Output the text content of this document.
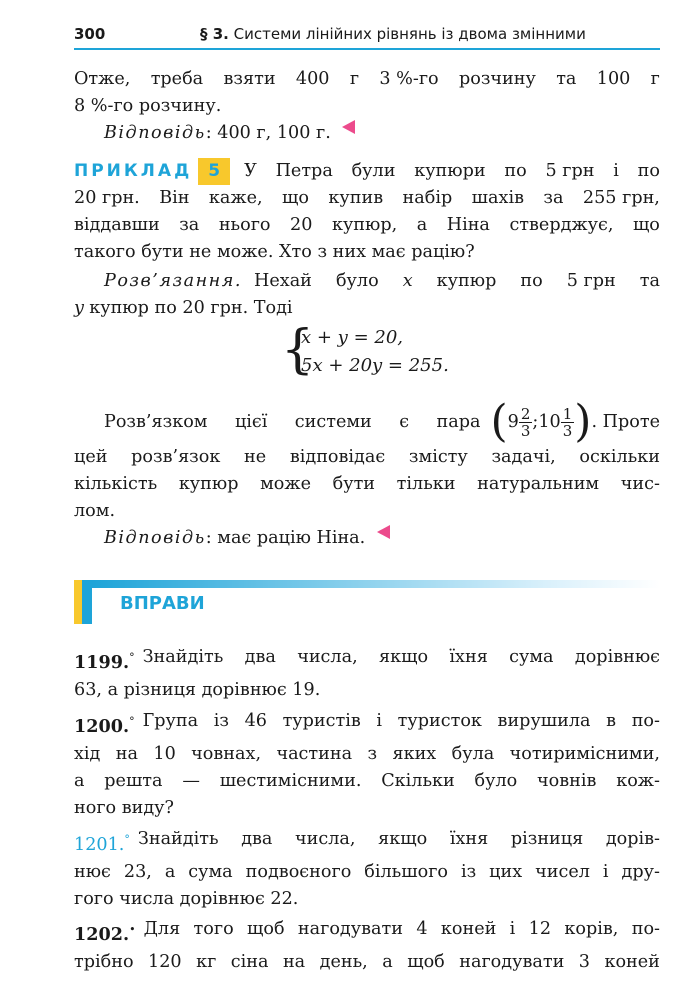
300	§ 3. Системи лінійних рівнянь із двома змінними
Отже, треба взяти 400 г 3 %-го розчину та 100 г
8 %-го розчину.
Відповідь: 400 г, 100 г.
ПРИКЛАД 5	У Петра були купюри по 5 грн і по
20 грн. Він каже, що купив набір шахів за 255 грн,
віддавши за нього 20 купюр, а Ніна стверджує, що
такого бути не може. Хто з них має рацію?
Розв’язання. Нехай було x купюр по 5 грн та
y купюр по 20 грн. Тоді
{
x + y = 20,
5x + 20y = 255.
Розв’язком цієї системи є пара ($9 \frac{2}{3}$ ;10 $\frac{1}{3}$ ) . Проте
цей розв’язок не відповідає змісту задачі, оскільки
кількість купюр може бути тільки натуральним чис-
лом.
Відповідь: має рацію Ніна.
ВПРАВИ
1199.° Знайдіть два числа, якщо їхня сума дорівнює
63, а різниця дорівнює 19.
1200.° Група із 46 туристів і туристок вирушила в по-
хід на 10 човнах, частина з яких була чотиримісними,
а решта — шестимісними. Скільки було човнів кож-
ного виду?
1201.° Знайдіть два числа, якщо їхня різниця дорів-
нює 23, а сума подвоєного більшого із цих чисел і дру-
гого числа дорівнює 22.
1202.• Для того щоб нагодувати 4 коней і 12 корів, по-
трібно 120 кг сіна на день, а щоб нагодувати 3 коней
